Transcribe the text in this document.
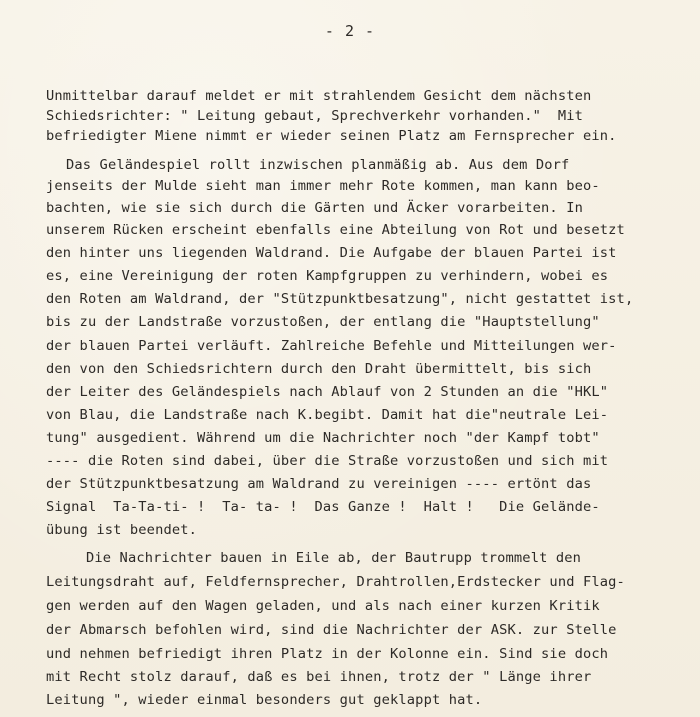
- 2 -
Unmittelbar darauf meldet er mit strahlendem Gesicht dem nächsten
Schiedsrichter: " Leitung gebaut, Sprechverkehr vorhanden."  Mit
befriedigter Miene nimmt er wieder seinen Platz am Fernsprecher ein.
Das Geländespiel rollt inzwischen planmäßig ab. Aus dem Dorf
jenseits der Mulde sieht man immer mehr Rote kommen, man kann beo-
bachten, wie sie sich durch die Gärten und Äcker vorarbeiten. In
unserem Rücken erscheint ebenfalls eine Abteilung von Rot und besetzt
den hinter uns liegenden Waldrand. Die Aufgabe der blauen Partei ist
es, eine Vereinigung der roten Kampfgruppen zu verhindern, wobei es
den Roten am Waldrand, der "Stützpunktbesatzung", nicht gestattet ist,
bis zu der Landstraße vorzustoßen, der entlang die "Hauptstellung"
der blauen Partei verläuft. Zahlreiche Befehle und Mitteilungen wer-
den von den Schiedsrichtern durch den Draht übermittelt, bis sich
der Leiter des Geländespiels nach Ablauf von 2 Stunden an die "HKL"
von Blau, die Landstraße nach K.begibt. Damit hat die"neutrale Lei-
tung" ausgedient. Während um die Nachrichter noch "der Kampf tobt"
---- die Roten sind dabei, über die Straße vorzustoßen und sich mit
der Stützpunktbesatzung am Waldrand zu vereinigen ---- ertönt das
Signal  Ta-Ta-ti- !  Ta- ta- !  Das Ganze !  Halt !   Die Gelände-
übung ist beendet.
Die Nachrichter bauen in Eile ab, der Bautrupp trommelt den
Leitungsdraht auf, Feldfernsprecher, Drahtrollen,Erdstecker und Flag-
gen werden auf den Wagen geladen, und als nach einer kurzen Kritik
der Abmarsch befohlen wird, sind die Nachrichter der ASK. zur Stelle
und nehmen befriedigt ihren Platz in der Kolonne ein. Sind sie doch
mit Recht stolz darauf, daß es bei ihnen, trotz der " Länge ihrer
Leitung ", wieder einmal besonders gut geklappt hat.
